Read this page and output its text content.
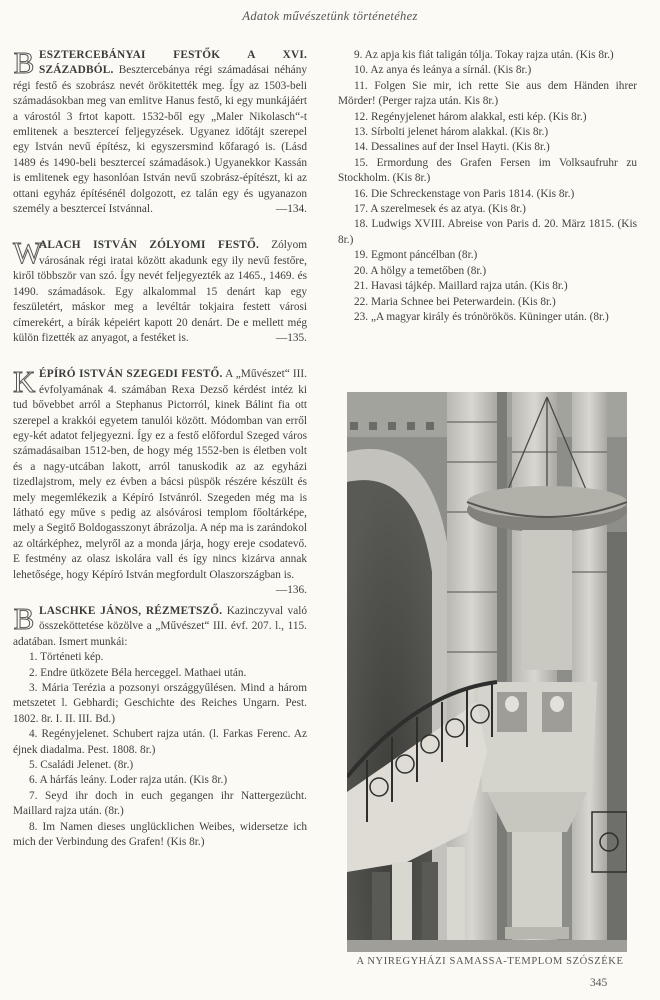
Adatok művészetünk történetéhez
B ESZTERCEBÁNYAI FESTŐK A XVI. SZÁZADBÓL. Besztercebánya régi számadásai néhány régi festő és szobrász nevét örökitették meg. Így az 1503-beli számadásokban meg van emlitve Hanus festő, ki egy munkájáért a várostól 3 frtot kapott. 1532-ből egy „Maler Nikolasch“-t emlitenek a beszterceí feljegyzések. Ugyanez időtájt szerepel egy István nevű építész, ki egyszersmind kőfaragó is. (Lásd 1489 és 1490-beli beszterceí számadások.) Ugyanekkor Kassán is emlitenek egy hasonlóan István nevű szobrász-építészt, ki az ottani egyház építésénél dolgozott, ez talán egy és ugyanazon személy a beszterceí Istvánnal.	—134.

W

ALACH ISTVÁN ZÓLYOMI FESTŐ. Zólyom városának régi iratai között akadunk egy ily nevű festőre, kiről többször van szó. Így nevét feljegyezték az 1465., 1469. és 1490. számadások. Egy alkalommal 15 denárt kap egy feszületért, máskor meg a levéltár tokjaira festett városi címerekért, a bírák képeiért kapott 20 denárt. De e mellett még külön fizették az anyagot, a festéket is.	—135.

K ÉPÍRÓ ISTVÁN SZEGEDI FESTŐ. A „Művészet“ III. évfolyamának 4. számában Rexa Dezső kérdést intéz ki tud bővebbet arról a Stephanus Pictorról, kinek Bálint fia ott szerepel a krakkói egyetem tanulói között. Módomban van erről egy-két adatot feljegyezni. Így ez a festő előfordul Szeged város számadásaiban 1512-ben, de hogy még 1552-ben is életben volt és a nagy-utcában lakott, arról tanuskodik az az egyházi tizedlajstrom, mely ez évben a bácsi püspök részére készült és mely megemlékezik a Képíró Istvánról. Szegeden még ma is látható egy műve s pedig az alsóvárosi templom főoltárképe, mely a Segitő Boldogasszonyt ábrázolja. A nép ma is zarándokol az oltárképhez, melyről az a monda járja, hogy ereje csodatevő. E festmény az olasz iskolára vall és így nincs kizárva annak lehetősége, hogy Képíró István megfordult Olaszországban is.
—136.

B LASCHKE JÁNOS, RÉZMETSZŐ. Kazinczyval való összeköttetése közölve a „Művészet“ III. évf. 207. l., 115. adatában. Ismert munkái:

1. Történeti kép.

2. Endre ütközete Béla herceggel. Mathaei után.

3. Mária Terézia a pozsonyi országgyűlésen. Mind a három metszetet l. Gebhardi; Geschichte des Reiches Ungarn. Pest. 1802. 8r. I. II. III. Bd.)

4. Regényjelenet. Schubert rajza után. (l. Farkas Ferenc. Az éjnek diadalma. Pest. 1808. 8r.)

5. Családi Jelenet. (8r.)

6. A hárfás leány. Loder rajza után. (Kis 8r.)

7. Seyd ihr doch in euch gegangen ihr Nattergezücht. Maillard rajza után. (8r.)

8. Im Namen dieses unglücklichen Weibes, widersetze ich mich der Verbindung des Grafen! (Kis 8r.)

9. Az apja kis fiát taligán tólja. Tokay rajza után. (Kis 8r.)

10. Az anya és leánya a sírnál. (Kis 8r.)

11. Folgen Sie mir, ich rette Sie aus dem Händen ihrer Mörder! (Perger rajza után. Kis 8r.)

12. Regényjelenet három alakkal, esti kép. (Kis 8r.)

13. Sírbolti jelenet három alakkal. (Kis 8r.)

14. Dessalines auf der Insel Hayti. (Kis 8r.)

15. Ermordung des Grafen Fersen im Volksaufruhr zu Stockholm. (Kis 8r.)

16. Die Schreckenstage von Paris 1814. (Kis 8r.)

17. A szerelmesek és az atya. (Kis 8r.)

18. Ludwigs XVIII. Abreise von Paris d. 20. März 1815. (Kis 8r.)

19. Egmont páncélban (8r.)

20. A hölgy a temetőben (8r.)

21. Havasi tájkép. Maillard rajza után. (Kis 8r.)

22. Maria Schnee bei Peterwardein. (Kis 8r.)

23. „A magyar király és trónörökös. Küninger után. (8r.)

A NYIREGYHÁZI SAMASSA-TEMPLOM SZÓSZÉKE
345
